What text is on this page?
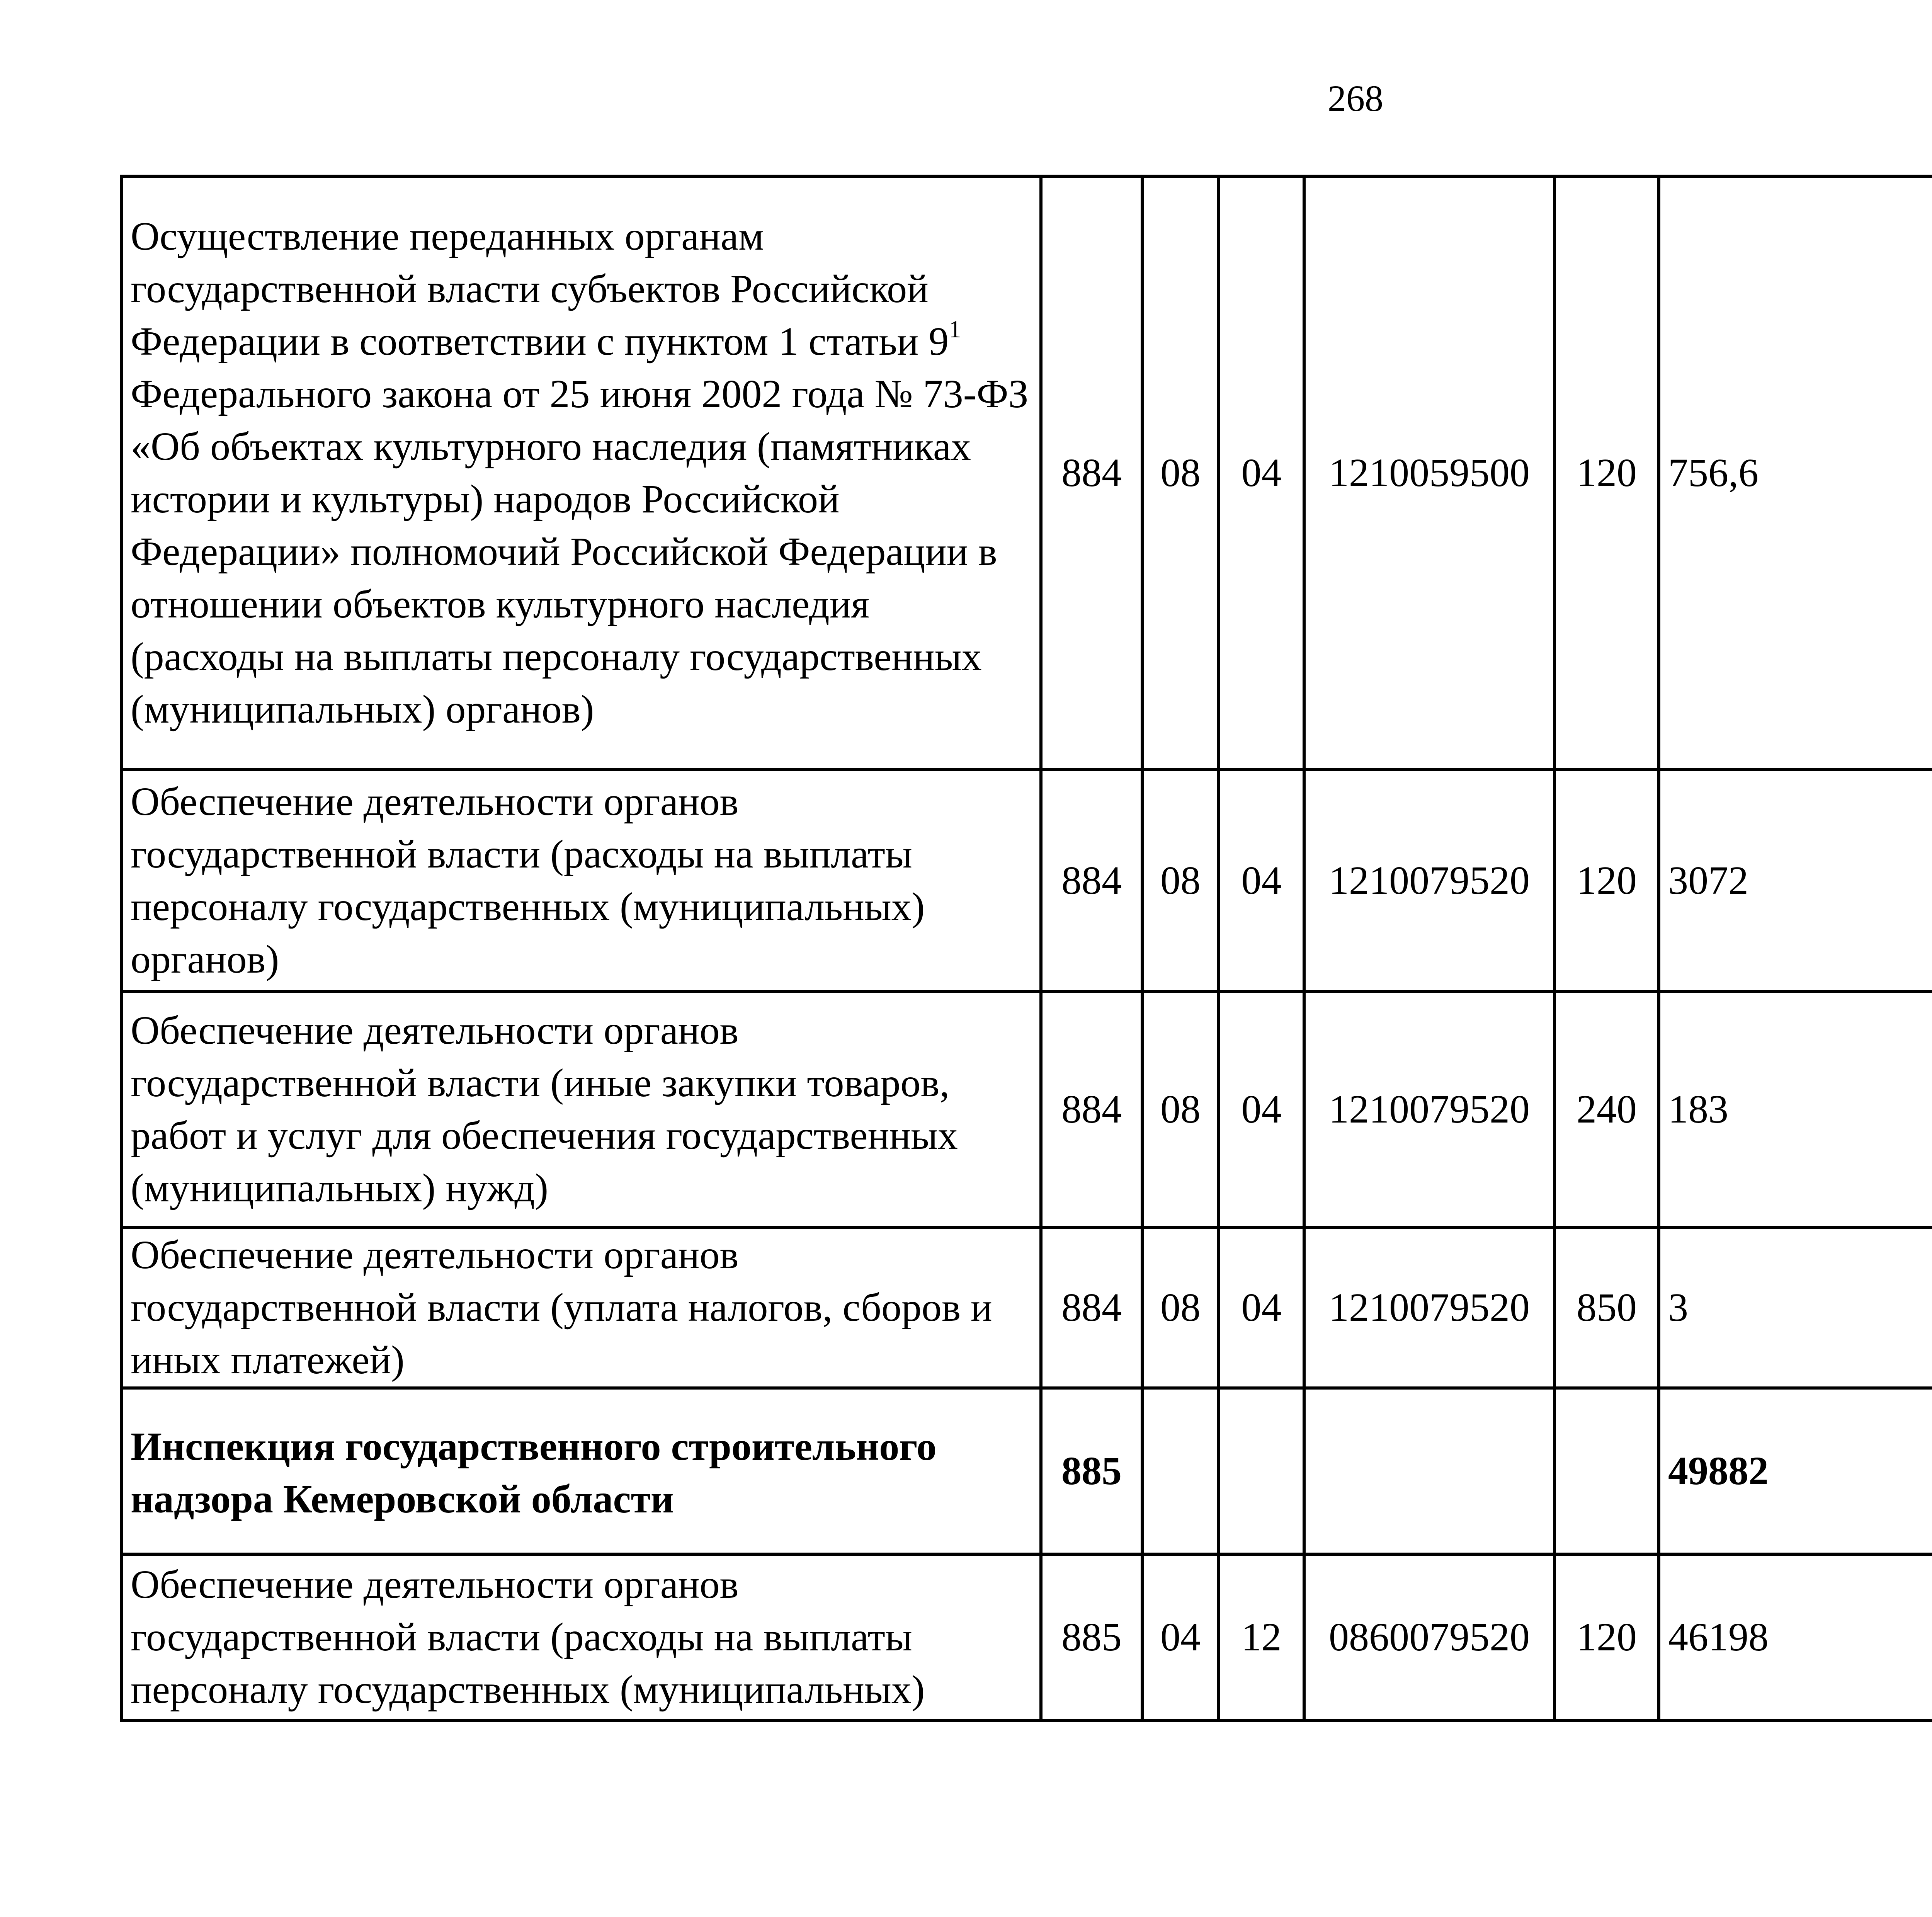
268
Осуществление переданных органам государственной власти субъектов Российской Федерации в соответствии с пунктом 1 статьи $9^1$ Федерального закона от 25 июня 2002 года № 73-ФЗ «Об объектах культурного наследия (памятниках истории и культуры) народов Российской Федерации» полномочий Российской Федерации в отношении объектов культурного наследия (расходы на выплаты персоналу государственных (муниципальных) органов)	884	08	04	1210059500	120	756,6		
Обеспечение деятельности органов государственной власти (расходы на выплаты персоналу государственных (муниципальных) органов)	884	08	04	1210079520	120	3072		
Обеспечение деятельности органов государственной власти (иные закупки товаров, работ и услуг для обеспечения государственных (муниципальных) нужд)	884	08	04	1210079520	240	183		
Обеспечение деятельности органов государственной власти (уплата налогов, сборов и иных платежей)	884	08	04	1210079520	850	3		
Инспекция государственного строительного надзора Кемеровской области	885					49882		
Обеспечение деятельности органов государственной власти (расходы на выплаты персоналу государственных (муниципальных)	885	04	12	0860079520	120	46198		
